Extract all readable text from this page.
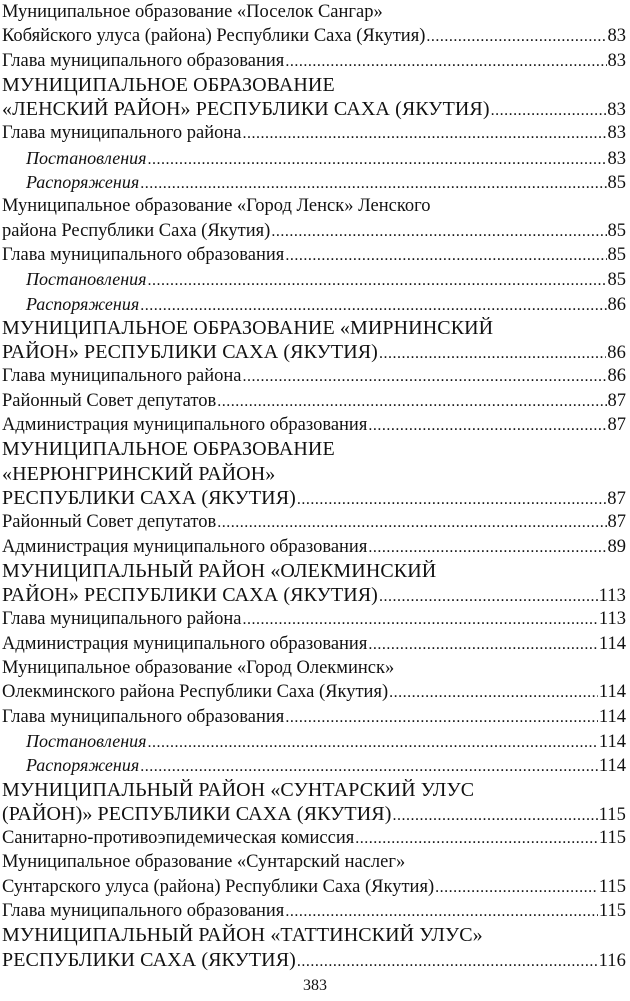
Муниципальное образование «Поселок Сангар»
Кобяйского улуса (района) Республики Саха (Якутия) .....	83
Глава муниципального образования .....	83
МУНИЦИПАЛЬНОЕ ОБРАЗОВАНИЕ
«ЛЕНСКИЙ РАЙОН» РЕСПУБЛИКИ САХА (ЯКУТИЯ) .....	83
Глава муниципального района .....	83
Постановления .....	83
Распоряжения .....	85
Муниципальное образование «Город Ленск» Ленского
района Республики Саха (Якутия) .....	85
Глава муниципального образования .....	85
Постановления .....	85
Распоряжения .....	86
МУНИЦИПАЛЬНОЕ ОБРАЗОВАНИЕ «МИРНИНСКИЙ
РАЙОН» РЕСПУБЛИКИ САХА (ЯКУТИЯ) .....	86
Глава муниципального района .....	86
Районный Совет депутатов .....	87
Администрация муниципального образования .....	87
МУНИЦИПАЛЬНОЕ ОБРАЗОВАНИЕ
«НЕРЮНГРИНСКИЙ РАЙОН»
РЕСПУБЛИКИ САХА (ЯКУТИЯ) .....	87
Районный Совет депутатов .....	87
Администрация муниципального образования .....	89
МУНИЦИПАЛЬНЫЙ РАЙОН «ОЛЕКМИНСКИЙ
РАЙОН» РЕСПУБЛИКИ САХА (ЯКУТИЯ) .....	113
Глава муниципального района .....	113
Администрация муниципального образования .....	114
Муниципальное образование «Город Олекминск»
Олекминского района Республики Саха (Якутия) .....	114
Глава муниципального образования .....	114
Постановления .....	114
Распоряжения .....	114
МУНИЦИПАЛЬНЫЙ РАЙОН «СУНТАРСКИЙ УЛУС
(РАЙОН)» РЕСПУБЛИКИ САХА (ЯКУТИЯ) .....	115
Санитарно-противоэпидемическая комиссия .....	115
Муниципальное образование «Сунтарский наслег»
Сунтарского улуса (района) Республики Саха (Якутия) .....	115
Глава муниципального образования .....	115
МУНИЦИПАЛЬНЫЙ РАЙОН «ТАТТИНСКИЙ УЛУС»
РЕСПУБЛИКИ САХА (ЯКУТИЯ) .....	116
383
